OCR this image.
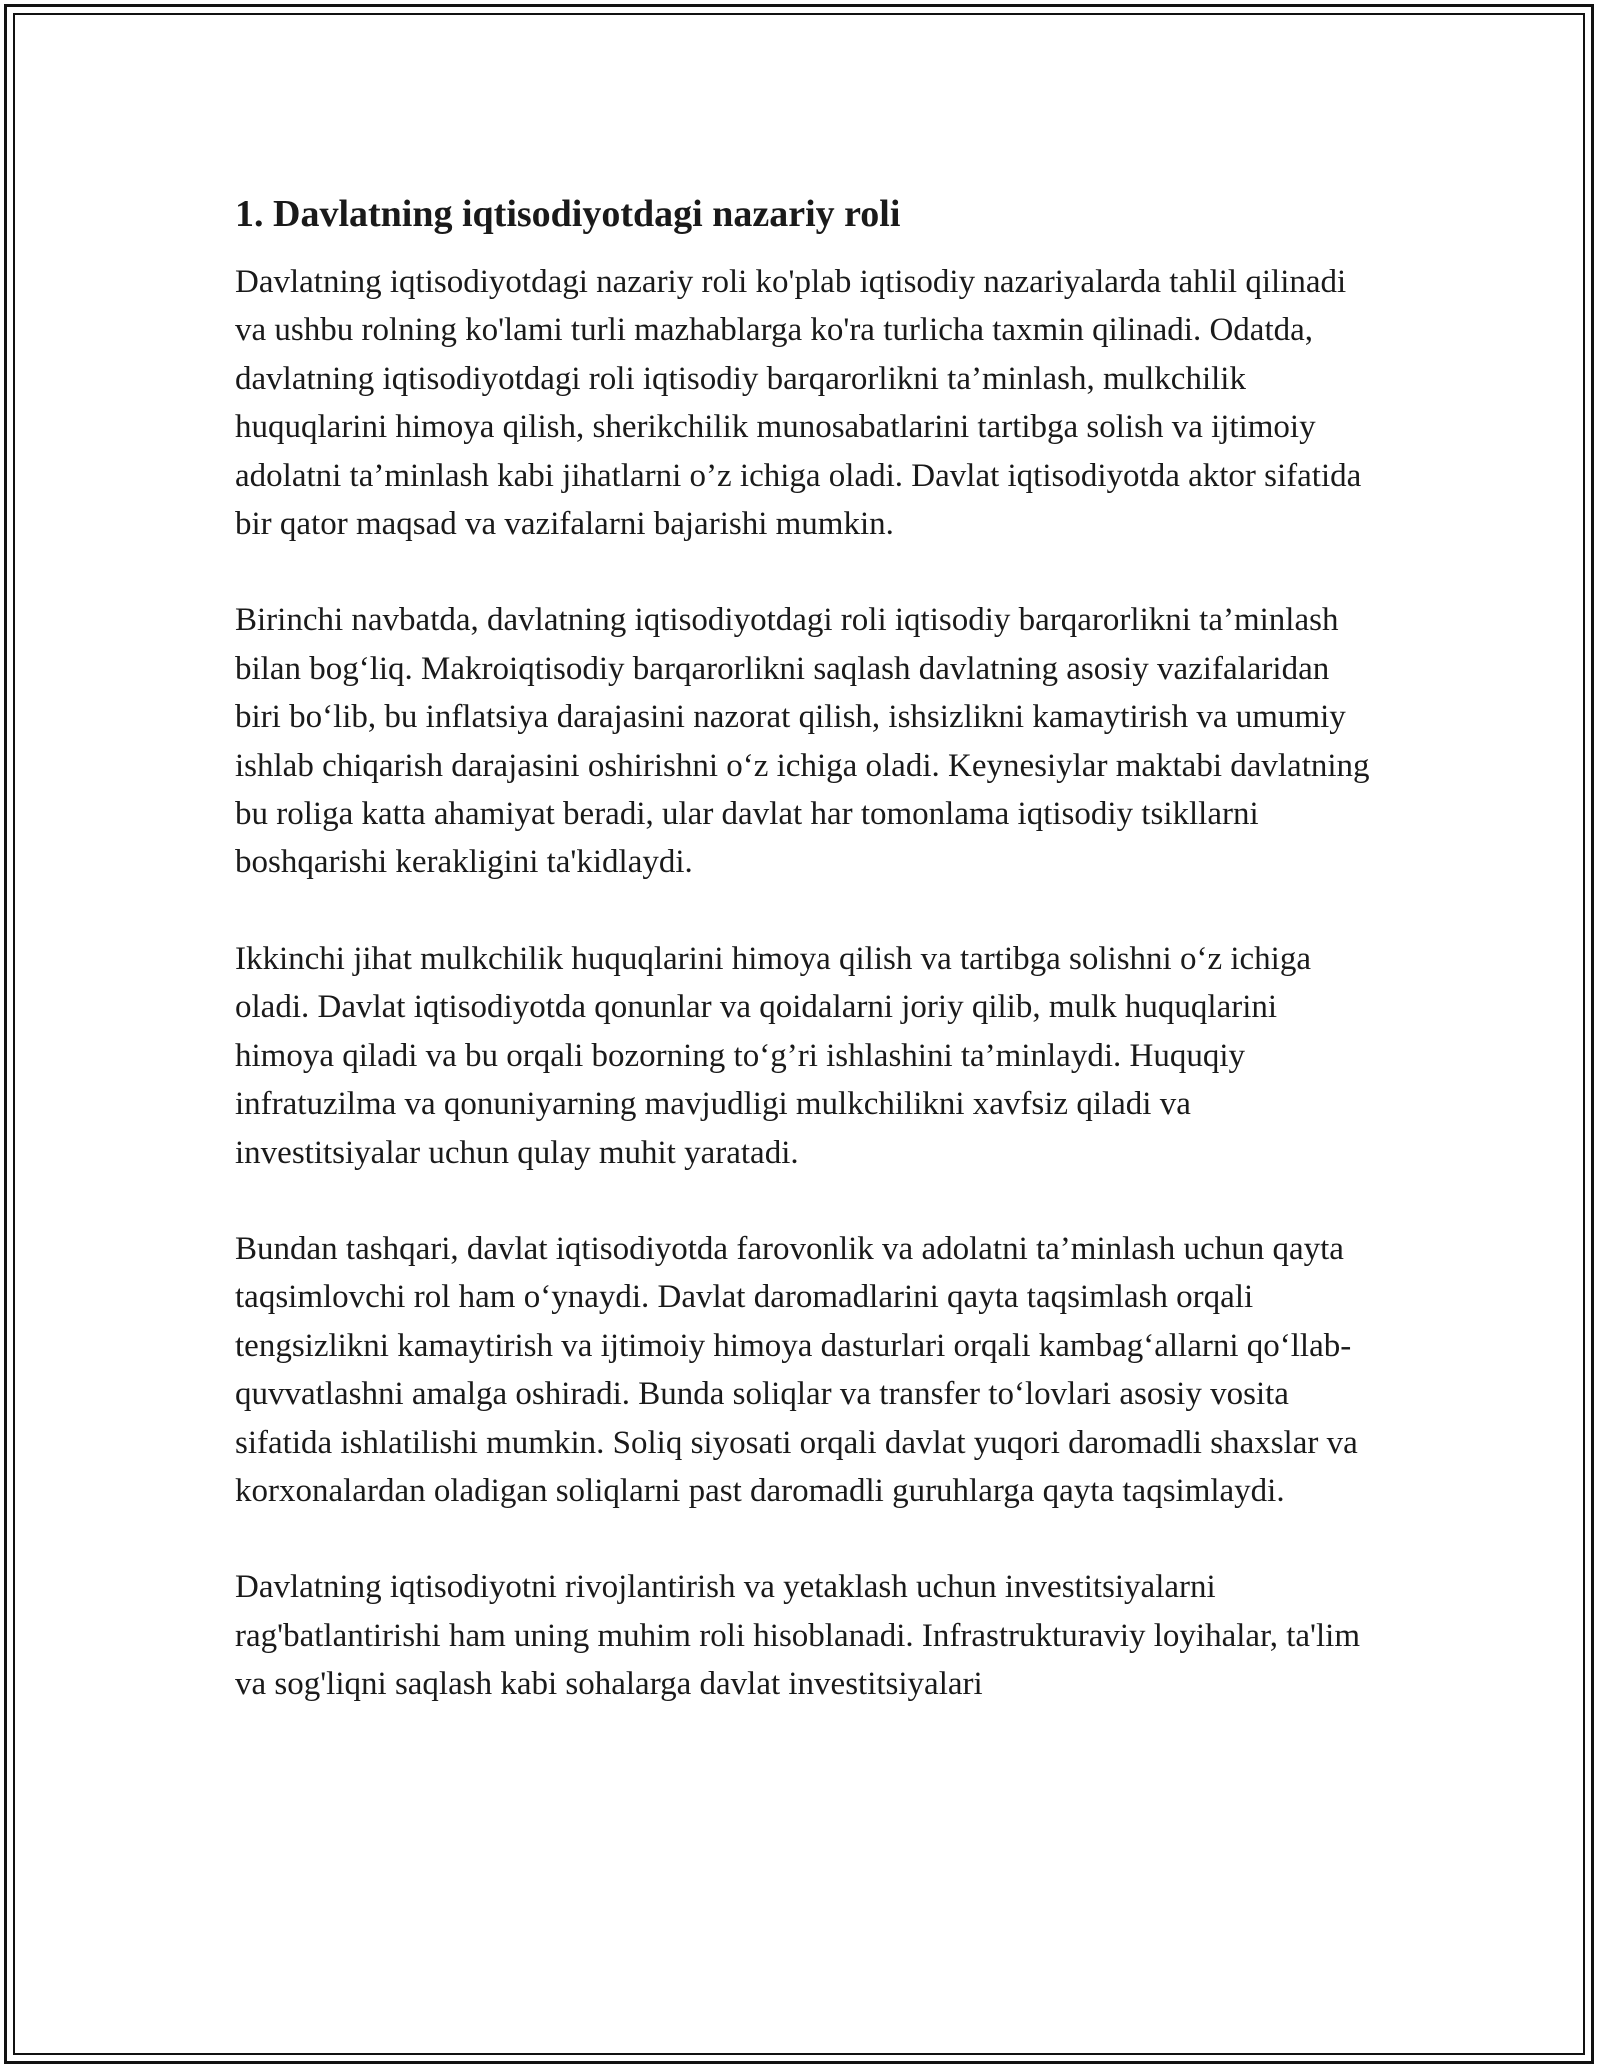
1. Davlatning iqtisodiyotdagi nazariy roli

Davlatning iqtisodiyotdagi nazariy roli ko'plab iqtisodiy nazariyalarda tahlil qilinadi va ushbu rolning ko'lami turli mazhablarga ko'ra turlicha taxmin qilinadi. Odatda, davlatning iqtisodiyotdagi roli iqtisodiy barqarorlikni ta’minlash, mulkchilik huquqlarini himoya qilish, sherikchilik munosabatlarini tartibga solish va ijtimoiy adolatni ta’minlash kabi jihatlarni o’z ichiga oladi. Davlat iqtisodiyotda aktor sifatida bir qator maqsad va vazifalarni bajarishi mumkin.

Birinchi navbatda, davlatning iqtisodiyotdagi roli iqtisodiy barqarorlikni ta’minlash bilan bog‘liq. Makroiqtisodiy barqarorlikni saqlash davlatning asosiy vazifalaridan biri bo‘lib, bu inflatsiya darajasini nazorat qilish, ishsizlikni kamaytirish va umumiy ishlab chiqarish darajasini oshirishni o‘z ichiga oladi. Keynesiylar maktabi davlatning bu roliga katta ahamiyat beradi, ular davlat har tomonlama iqtisodiy tsikllarni boshqarishi kerakligini ta'kidlaydi.

Ikkinchi jihat mulkchilik huquqlarini himoya qilish va tartibga solishni o‘z ichiga oladi. Davlat iqtisodiyotda qonunlar va qoidalarni joriy qilib, mulk huquqlarini himoya qiladi va bu orqali bozorning to‘g’ri ishlashini ta’minlaydi. Huquqiy infratuzilma va qonuniyarning mavjudligi mulkchilikni xavfsiz qiladi va investitsiyalar uchun qulay muhit yaratadi.

Bundan tashqari, davlat iqtisodiyotda farovonlik va adolatni ta’minlash uchun qayta taqsimlovchi rol ham o‘ynaydi. Davlat daromadlarini qayta taqsimlash orqali tengsizlikni kamaytirish va ijtimoiy himoya dasturlari orqali kambag‘allarni qo‘llab-quvvatlashni amalga oshiradi. Bunda soliqlar va transfer to‘lovlari asosiy vosita sifatida ishlatilishi mumkin. Soliq siyosati orqali davlat yuqori daromadli shaxslar va korxonalardan oladigan soliqlarni past daromadli guruhlarga qayta taqsimlaydi.

Davlatning iqtisodiyotni rivojlantirish va yetaklash uchun investitsiyalarni rag'batlantirishi ham uning muhim roli hisoblanadi. Infrastrukturaviy loyihalar, ta'lim va sog'liqni saqlash kabi sohalarga davlat investitsiyalari
